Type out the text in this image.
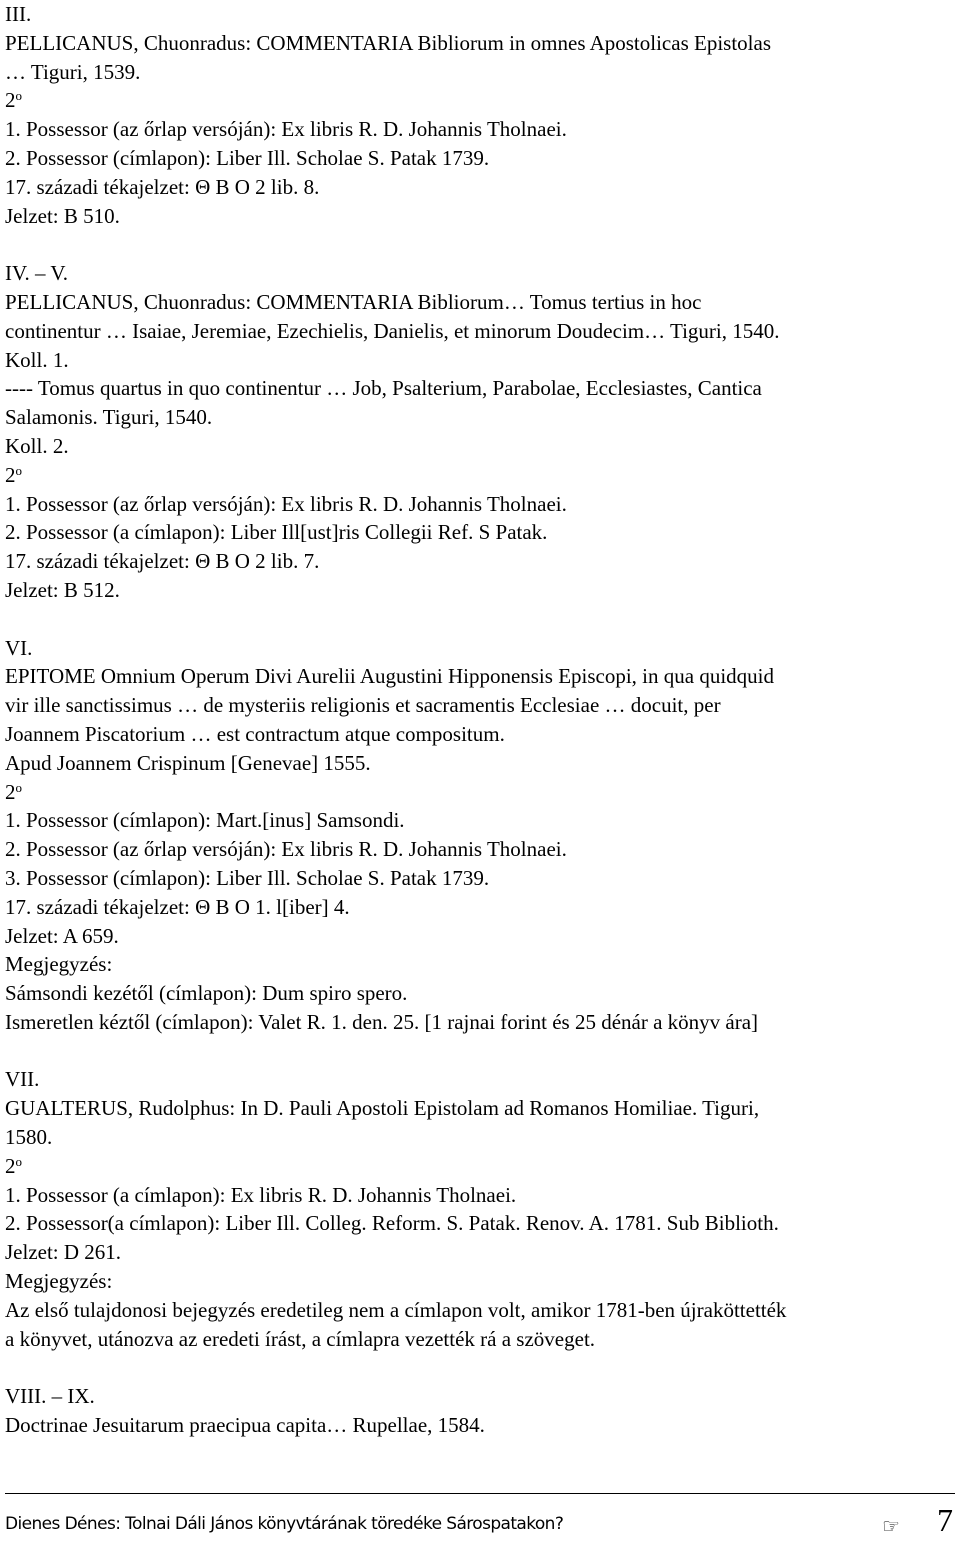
III.
PELLICANUS, Chuonradus: COMMENTARIA Bibliorum in omnes Apostolicas Epistolas
… Tiguri, 1539.
2$^o$
1. Possessor (az őrlap versóján): Ex libris R. D. Johannis Tholnaei.
2. Possessor (címlapon): Liber Ill. Scholae S. Patak 1739.
17. századi tékajelzet: Θ B O 2 lib. 8.
Jelzet: B 510.
IV. – V.
PELLICANUS, Chuonradus: COMMENTARIA Bibliorum… Tomus tertius in hoc
continentur … Isaiae, Jeremiae, Ezechielis, Danielis, et minorum Doudecim… Tiguri, 1540.
Koll. 1.
---- Tomus quartus in quo continentur … Job, Psalterium, Parabolae, Ecclesiastes, Cantica
Salamonis. Tiguri, 1540.
Koll. 2.
2$^o$
1. Possessor (az őrlap versóján): Ex libris R. D. Johannis Tholnaei.
2. Possessor (a címlapon): Liber Ill[ust]ris Collegii Ref. S Patak.
17. századi tékajelzet: Θ B O 2 lib. 7.
Jelzet: B 512.
VI.
EPITOME Omnium Operum Divi Aurelii Augustini Hipponensis Episcopi, in qua quidquid
vir ille sanctissimus … de mysteriis religionis et sacramentis Ecclesiae … docuit, per
Joannem Piscatorium … est contractum atque compositum.
Apud Joannem Crispinum [Genevae] 1555.
2$^o$
1. Possessor (címlapon): Mart.[inus] Samsondi.
2. Possessor (az őrlap versóján): Ex libris R. D. Johannis Tholnaei.
3. Possessor (címlapon): Liber Ill. Scholae S. Patak 1739.
17. századi tékajelzet: Θ B O 1. l[iber] 4.
Jelzet: A 659.
Megjegyzés:
Sámsondi kezétől (címlapon): Dum spiro spero.
Ismeretlen kéztől (címlapon): Valet R. 1. den. 25. [1 rajnai forint és 25 dénár a könyv ára]
VII.
GUALTERUS, Rudolphus: In D. Pauli Apostoli Epistolam ad Romanos Homiliae. Tiguri,
1580.
2$^o$
1. Possessor (a címlapon): Ex libris R. D. Johannis Tholnaei.
2. Possessor(a címlapon): Liber Ill. Colleg. Reform. S. Patak. Renov. A. 1781. Sub Biblioth.
Jelzet: D 261.
Megjegyzés:
Az első tulajdonosi bejegyzés eredetileg nem a címlapon volt, amikor 1781-ben újraköttették
a könyvet, utánozva az eredeti írást, a címlapra vezették rá a szöveget.
VIII. – IX.
Doctrinae Jesuitarum praecipua capita… Rupellae, 1584.
Dienes Dénes: Tolnai Dáli János könyvtárának töredéke Sárospatakon?	☞ 7
